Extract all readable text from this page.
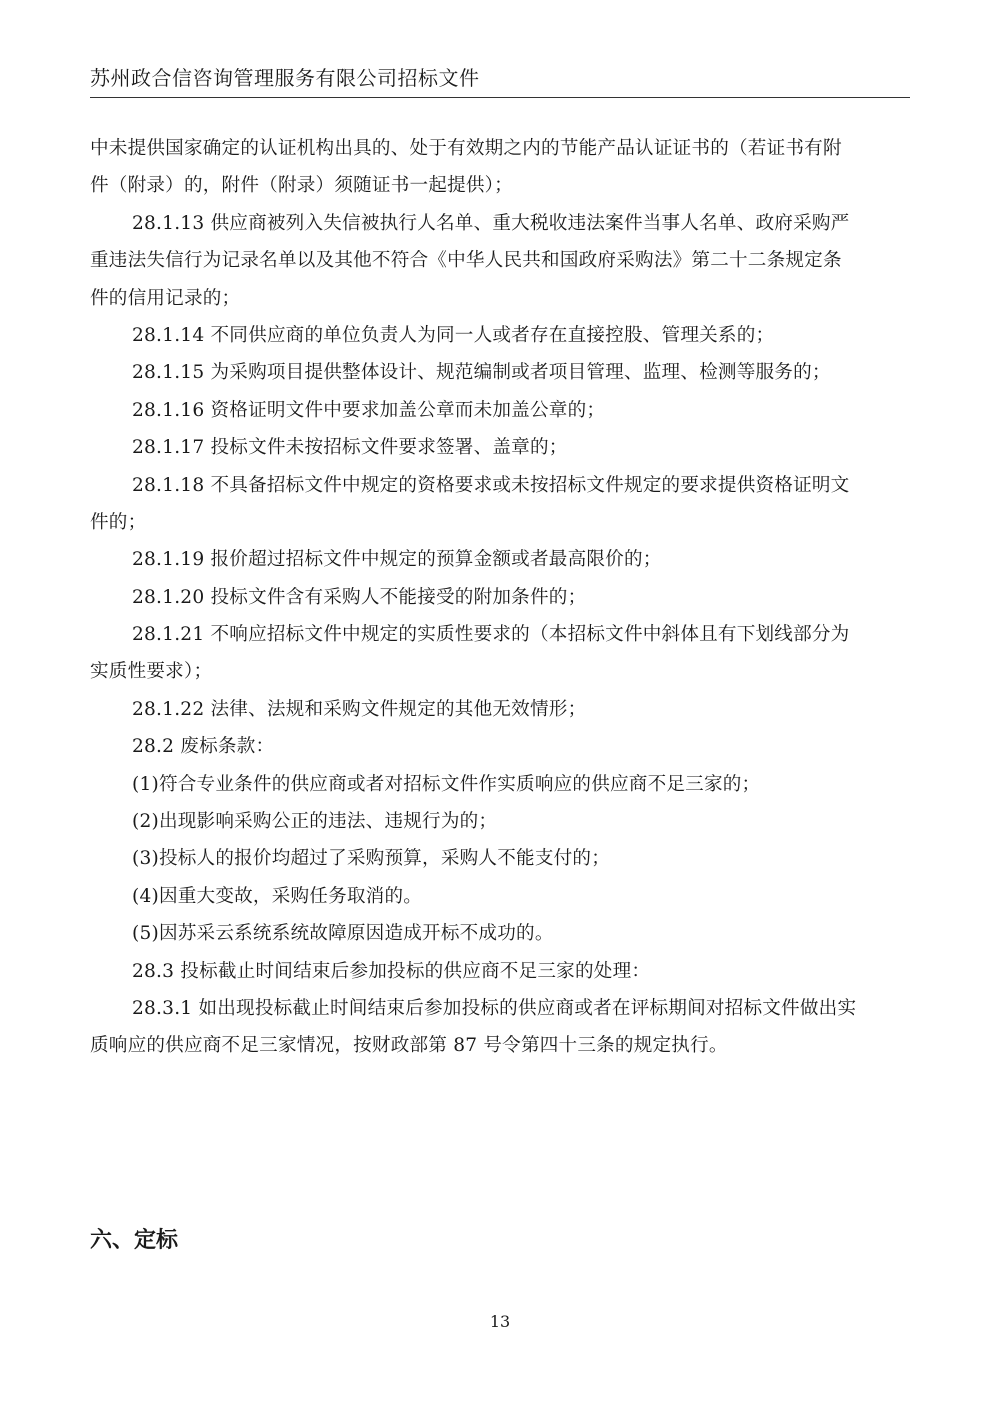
苏州政合信咨询管理服务有限公司招标文件
中未提供国家确定的认证机构出具的、处于有效期之内的节能产品认证证书的（若证书有附
件（附录）的，附件（附录）须随证书一起提供）；
28.1.13 供应商被列入失信被执行人名单、重大税收违法案件当事人名单、政府采购严
重违法失信行为记录名单以及其他不符合《中华人民共和国政府采购法》第二十二条规定条
件的信用记录的；
28.1.14 不同供应商的单位负责人为同一人或者存在直接控股、管理关系的；
28.1.15 为采购项目提供整体设计、规范编制或者项目管理、监理、检测等服务的；
28.1.16 资格证明文件中要求加盖公章而未加盖公章的；
28.1.17 投标文件未按招标文件要求签署、盖章的；
28.1.18 不具备招标文件中规定的资格要求或未按招标文件规定的要求提供资格证明文
件的；
28.1.19 报价超过招标文件中规定的预算金额或者最高限价的；
28.1.20 投标文件含有采购人不能接受的附加条件的；
28.1.21 不响应招标文件中规定的实质性要求的（本招标文件中斜体且有下划线部分为
实质性要求）；
28.1.22 法律、法规和采购文件规定的其他无效情形；
28.2 废标条款：
(1)符合专业条件的供应商或者对招标文件作实质响应的供应商不足三家的；
(2)出现影响采购公正的违法、违规行为的；
(3)投标人的报价均超过了采购预算，采购人不能支付的；
(4)因重大变故，采购任务取消的。
(5)因苏采云系统系统故障原因造成开标不成功的。
28.3 投标截止时间结束后参加投标的供应商不足三家的处理：
28.3.1 如出现投标截止时间结束后参加投标的供应商或者在评标期间对招标文件做出实
质响应的供应商不足三家情况，按财政部第 87 号令第四十三条的规定执行。
六、定标
13
